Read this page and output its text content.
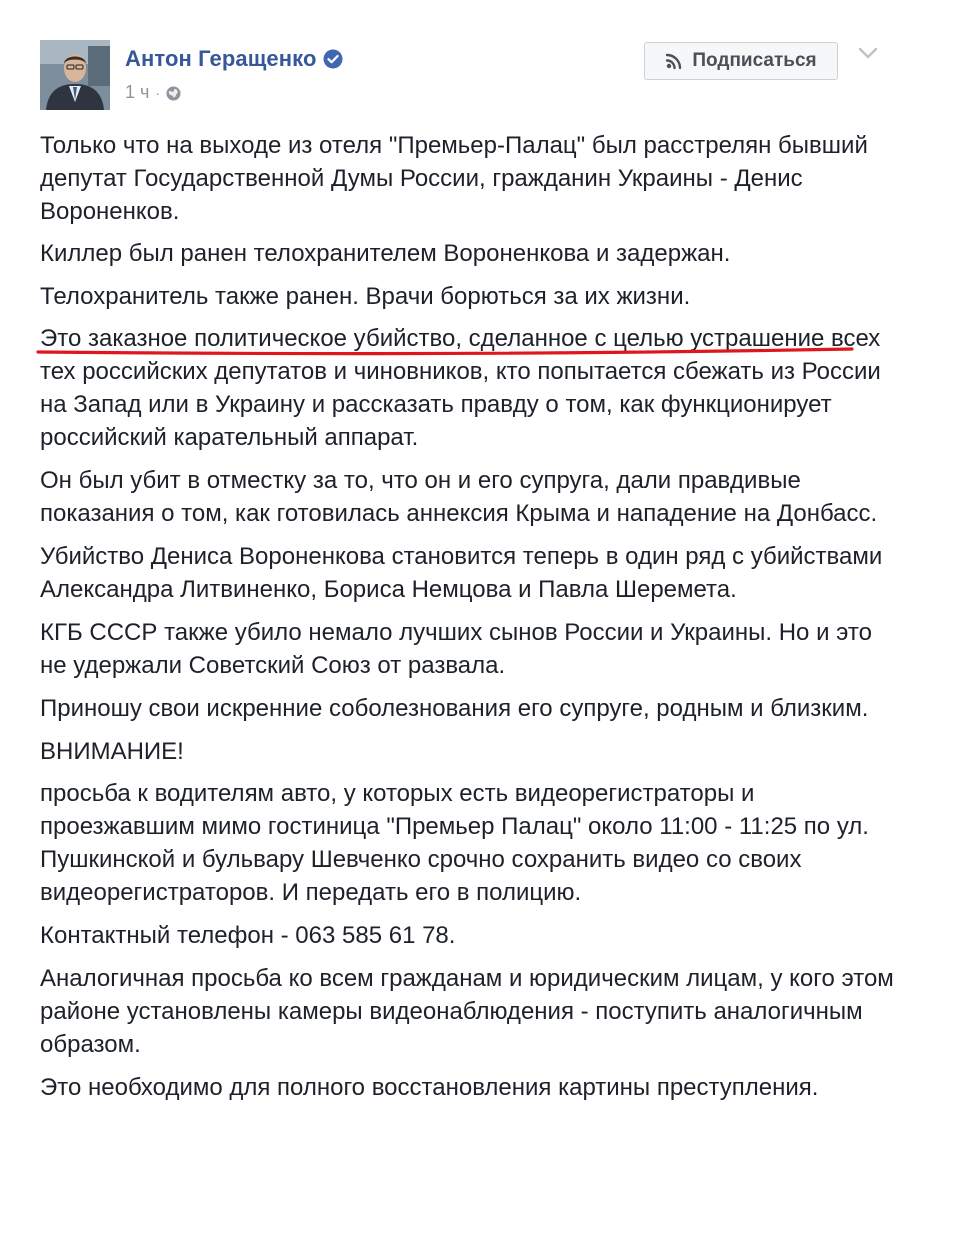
Антон Геращенко
1 ч ·
Подписаться

Только что на выходе из отеля "Премьер-Палац" был расстрелян бывший депутат Государственной Думы России, гражданин Украины - Денис Вороненков.

Киллер был ранен телохранителем Вороненкова и задержан.

Телохранитель также ранен. Врачи борються за их жизни.

Это заказное политическое убийство, сделанное с целью устрашение всех тех российских депутатов и чиновников, кто попытается сбежать из России на Запад или в Украину и рассказать правду о том, как функционирует российский карательный аппарат.

Он был убит в отместку за то, что он и его супруга, дали правдивые показания о том, как готовилась аннексия Крыма и нападение на Донбасс.

Убийство Дениса Вороненкова становится теперь в один ряд с убийствами Александра Литвиненко, Бориса Немцова и Павла Шеремета.

КГБ СССР также убило немало лучших сынов России и Украины. Но и это не удержали Советский Союз от развала.

Приношу свои искренние соболезнования его супруге, родным и близким.

ВНИМАНИЕ!

просьба к водителям авто, у которых есть видеорегистраторы и проезжавшим мимо гостиница "Премьер Палац" около 11:00 - 11:25 по ул. Пушкинской и бульвару Шевченко срочно сохранить видео со своих видеорегистраторов. И передать его в полицию.

Контактный телефон - 063 585 61 78.

Аналогичная просьба ко всем гражданам и юридическим лицам, у кого этом районе установлены камеры видеонаблюдения - поступить аналогичным образом.

Это необходимо для полного восстановления картины преступления.
